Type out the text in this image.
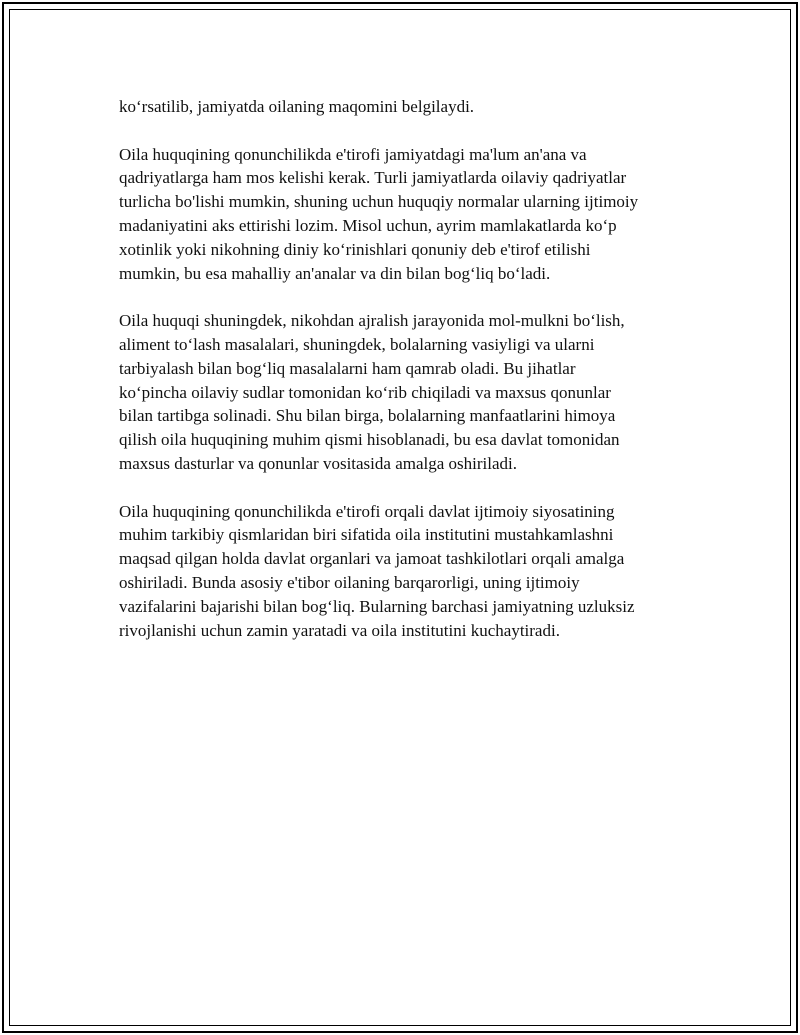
ko‘rsatilib, jamiyatda oilaning maqomini belgilaydi.

Oila huquqining qonunchilikda e'tirofi jamiyatdagi ma'lum an'ana va
qadriyatlarga ham mos kelishi kerak. Turli jamiyatlarda oilaviy qadriyatlar
turlicha bo'lishi mumkin, shuning uchun huquqiy normalar ularning ijtimoiy
madaniyatini aks ettirishi lozim. Misol uchun, ayrim mamlakatlarda ko‘p
xotinlik yoki nikohning diniy ko‘rinishlari qonuniy deb e'tirof etilishi
mumkin, bu esa mahalliy an'analar va din bilan bog‘liq bo‘ladi.

Oila huquqi shuningdek, nikohdan ajralish jarayonida mol-mulkni bo‘lish,
aliment to‘lash masalalari, shuningdek, bolalarning vasiyligi va ularni
tarbiyalash bilan bog‘liq masalalarni ham qamrab oladi. Bu jihatlar
ko‘pincha oilaviy sudlar tomonidan ko‘rib chiqiladi va maxsus qonunlar
bilan tartibga solinadi. Shu bilan birga, bolalarning manfaatlarini himoya
qilish oila huquqining muhim qismi hisoblanadi, bu esa davlat tomonidan
maxsus dasturlar va qonunlar vositasida amalga oshiriladi.

Oila huquqining qonunchilikda e'tirofi orqali davlat ijtimoiy siyosatining
muhim tarkibiy qismlaridan biri sifatida oila institutini mustahkamlashni
maqsad qilgan holda davlat organlari va jamoat tashkilotlari orqali amalga
oshiriladi. Bunda asosiy e'tibor oilaning barqarorligi, uning ijtimoiy
vazifalarini bajarishi bilan bog‘liq. Bularning barchasi jamiyatning uzluksiz
rivojlanishi uchun zamin yaratadi va oila institutini kuchaytiradi.
